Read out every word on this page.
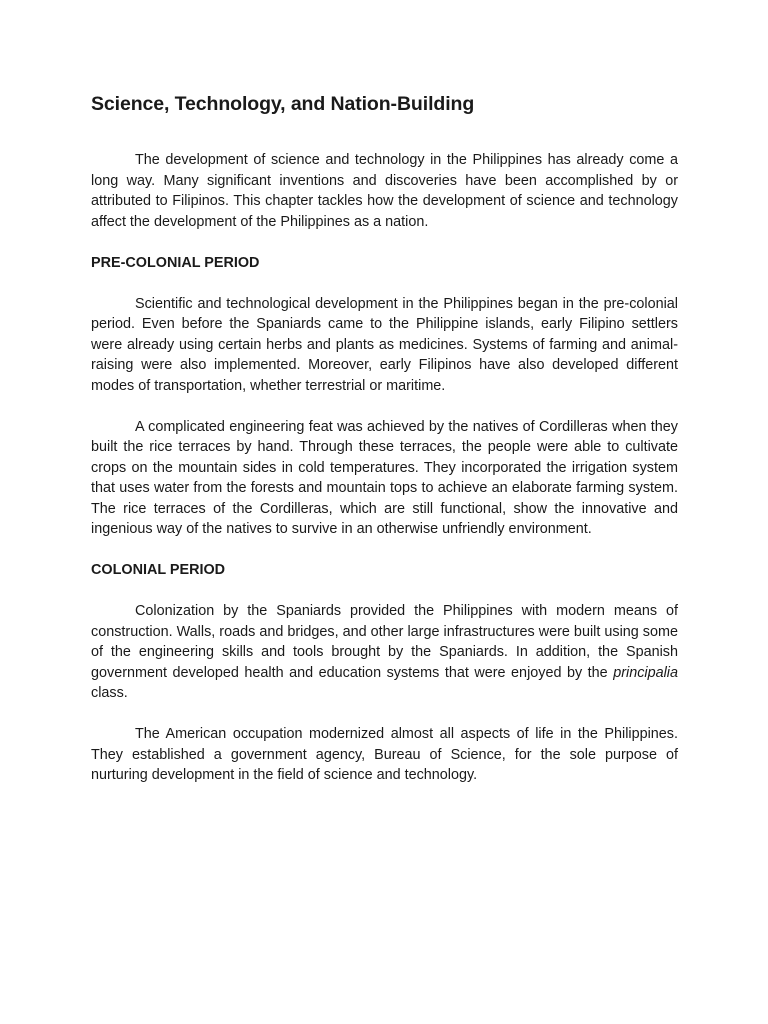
Science, Technology, and Nation-Building

The development of science and technology in the Philippines has already come a long way. Many significant inventions and discoveries have been accomplished by or attributed to Filipinos. This chapter tackles how the development of science and technology affect the development of the Philippines as a nation.

PRE-COLONIAL PERIOD

Scientific and technological development in the Philippines began in the pre-colonial period. Even before the Spaniards came to the Philippine islands, early Filipino settlers were already using certain herbs and plants as medicines. Systems of farming and animal-raising were also implemented. Moreover, early Filipinos have also developed different modes of transportation, whether terrestrial or maritime.

A complicated engineering feat was achieved by the natives of Cordilleras when they built the rice terraces by hand. Through these terraces, the people were able to cultivate crops on the mountain sides in cold temperatures. They incorporated the irrigation system that uses water from the forests and mountain tops to achieve an elaborate farming system. The rice terraces of the Cordilleras, which are still functional, show the innovative and ingenious way of the natives to survive in an otherwise unfriendly environment.

COLONIAL PERIOD

Colonization by the Spaniards provided the Philippines with modern means of construction. Walls, roads and bridges, and other large infrastructures were built using some of the engineering skills and tools brought by the Spaniards. In addition, the Spanish government developed health and education systems that were enjoyed by the principalia class.

The American occupation modernized almost all aspects of life in the Philippines. They established a government agency, Bureau of Science, for the sole purpose of nurturing development in the field of science and technology.
